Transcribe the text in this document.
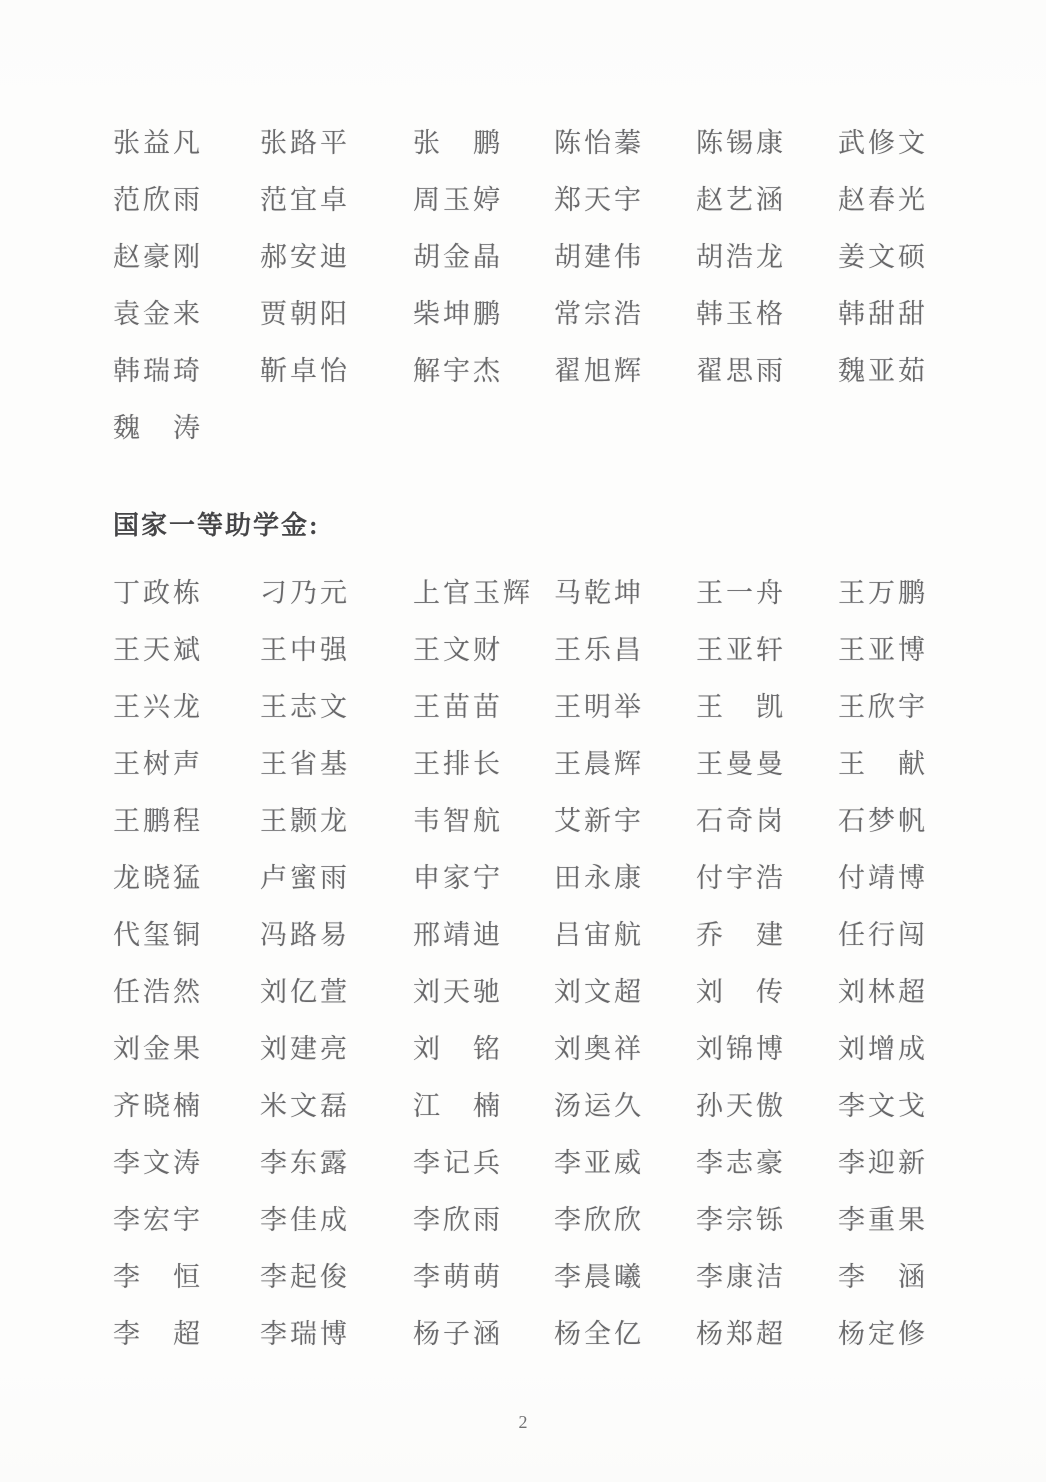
张益凡	张路平	张　鹏	陈怡蓁	陈锡康	武修文
范欣雨	范宜卓	周玉婷	郑天宇	赵艺涵	赵春光
赵豪刚	郝安迪	胡金晶	胡建伟	胡浩龙	姜文硕
袁金来	贾朝阳	柴坤鹏	常宗浩	韩玉格	韩甜甜
韩瑞琦	靳卓怡	解宇杰	翟旭辉	翟思雨	魏亚茹
魏　涛
国家一等助学金:
丁政栋	刁乃元	上官玉辉 马乾坤	王一舟	王万鹏
王天斌	王中强	王文财	王乐昌	王亚轩	王亚博
王兴龙	王志文	王苗苗	王明举	王　凯	王欣宇
王树声	王省基	王排长	王晨辉	王曼曼	王　献
王鹏程	王颢龙	韦智航	艾新宇	石奇岗	石梦帆
龙晓猛	卢蜜雨	申家宁	田永康	付宇浩	付靖博
代玺铜	冯路易	邢靖迪	吕宙航	乔　建	任行闯
任浩然	刘亿萱	刘天驰	刘文超	刘　传	刘林超
刘金果	刘建亮	刘　铭	刘奥祥	刘锦博	刘增成
齐晓楠	米文磊	江　楠	汤运久	孙天傲	李文戈
李文涛	李东露	李记兵	李亚威	李志豪	李迎新
李宏宇	李佳成	李欣雨	李欣欣	李宗铄	李重果
李　恒	李起俊	李萌萌	李晨曦	李康洁	李　涵
李　超	李瑞博	杨子涵	杨全亿	杨郑超	杨定修
2
